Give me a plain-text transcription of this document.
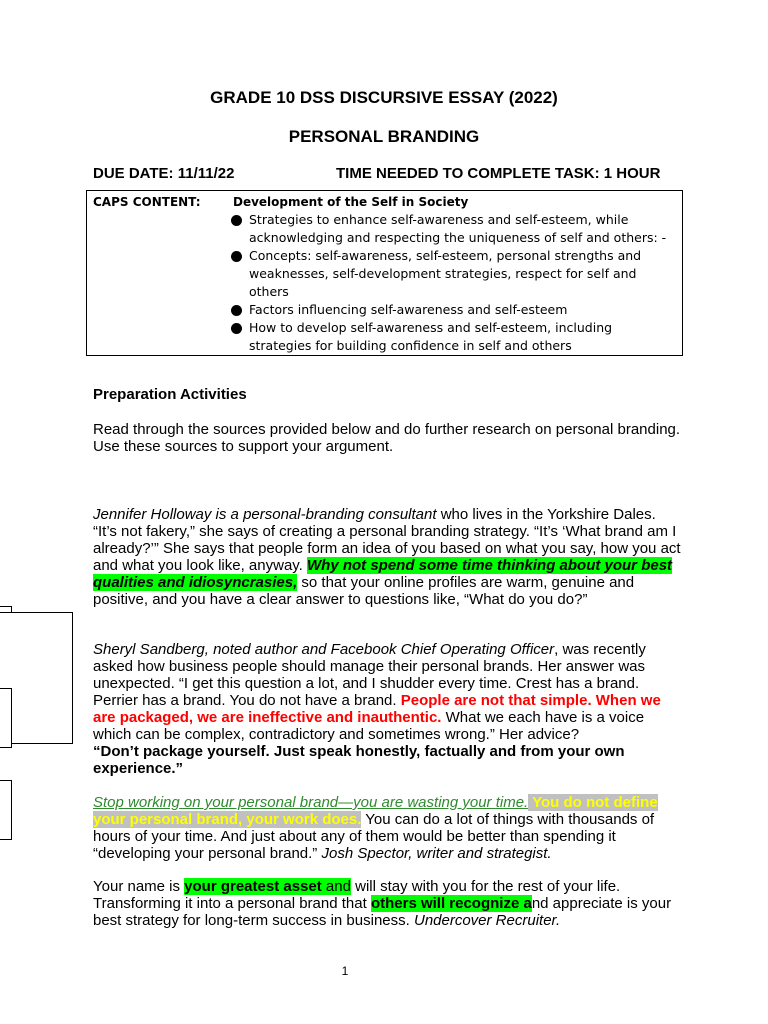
GRADE 10 DSS DISCURSIVE ESSAY (2022)
PERSONAL BRANDING
DUE DATE: 11/11/22	TIME NEEDED TO COMPLETE TASK: 1 HOUR
CAPS CONTENT:	Development of the Self in Society
Strategies to enhance self-awareness and self-esteem, while acknowledging and respecting the uniqueness of self and others: -
Concepts: self-awareness, self-esteem, personal strengths and weaknesses, self-development strategies, respect for self and others
Factors influencing self-awareness and self-esteem
How to develop self-awareness and self-esteem, including strategies for building confidence in self and others
Preparation Activities

Read through the sources provided below and do further research on personal branding. Use these sources to support your argument.

Jennifer Holloway is a personal-branding consultant who lives in the Yorkshire Dales. “It’s not fakery,” she says of creating a personal branding strategy. “It’s ‘What brand am I already?’” She says that people form an idea of you based on what you say, how you act and what you look like, anyway. Why not spend some time thinking about your best qualities and idiosyncrasies, so that your online profiles are warm, genuine and positive, and you have a clear answer to questions like, “What do you do?”

Sheryl Sandberg, noted author and Facebook Chief Operating Officer, was recently asked how business people should manage their personal brands. Her answer was unexpected. “I get this question a lot, and I shudder every time. Crest has a brand. Perrier has a brand. You do not have a brand. People are not that simple. When we are packaged, we are ineffective and inauthentic. What we each have is a voice which can be complex, contradictory and sometimes wrong.” Her advice?
“Don’t package yourself. Just speak honestly, factually and from your own experience.”

Stop working on your personal brand—you are wasting your time. You do not define your personal brand, your work does. You can do a lot of things with thousands of hours of your time. And just about any of them would be better than spending it “developing your personal brand.” Josh Spector, writer and strategist.

Your name is your greatest asset and will stay with you for the rest of your life. Transforming it into a personal brand that others will recognize and appreciate is your best strategy for long-term success in business. Undercover Recruiter.

1
